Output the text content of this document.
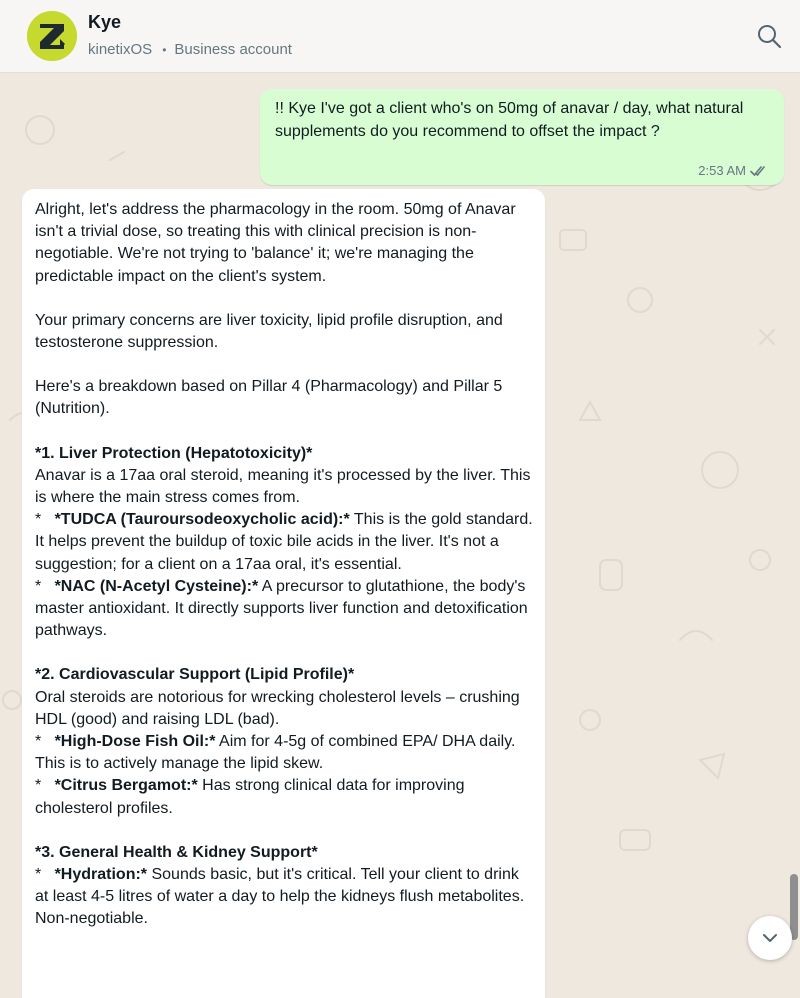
Kye
kinetixOS • Business account
!! Kye I've got a client who's on 50mg of anavar / day, what natural supplements do you recommend to offset the impact ?
2:53 AM

Alright, let's address the pharmacology in the room. 50mg of Anavar isn't a trivial dose, so treating this with clinical precision is non-negotiable. We're not trying to 'balance' it; we're managing the predictable impact on the client's system.

Your primary concerns are liver toxicity, lipid profile disruption, and testosterone suppression.

Here's a breakdown based on Pillar 4 (Pharmacology) and Pillar 5 (Nutrition).

*1. Liver Protection (Hepatotoxicity)*

Anavar is a 17aa oral steroid, meaning it's processed by the liver. This is where the main stress comes from.

* *TUDCA (Tauroursodeoxycholic acid):* This is the gold standard. It helps prevent the buildup of toxic bile acids in the liver. It's not a suggestion; for a client on a 17aa oral, it's essential.

* *NAC (N-Acetyl Cysteine):* A precursor to glutathione, the body's master antioxidant. It directly supports liver function and detoxification pathways.

*2. Cardiovascular Support (Lipid Profile)*

Oral steroids are notorious for wrecking cholesterol levels – crushing HDL (good) and raising LDL (bad).

* *High-Dose Fish Oil:* Aim for 4-5g of combined EPA/ DHA daily. This is to actively manage the lipid skew.

* *Citrus Bergamot:* Has strong clinical data for improving cholesterol profiles.

*3. General Health & Kidney Support*

* *Hydration:* Sounds basic, but it's critical. Tell your client to drink at least 4-5 litres of water a day to help the kidneys flush metabolites. Non-negotiable.
